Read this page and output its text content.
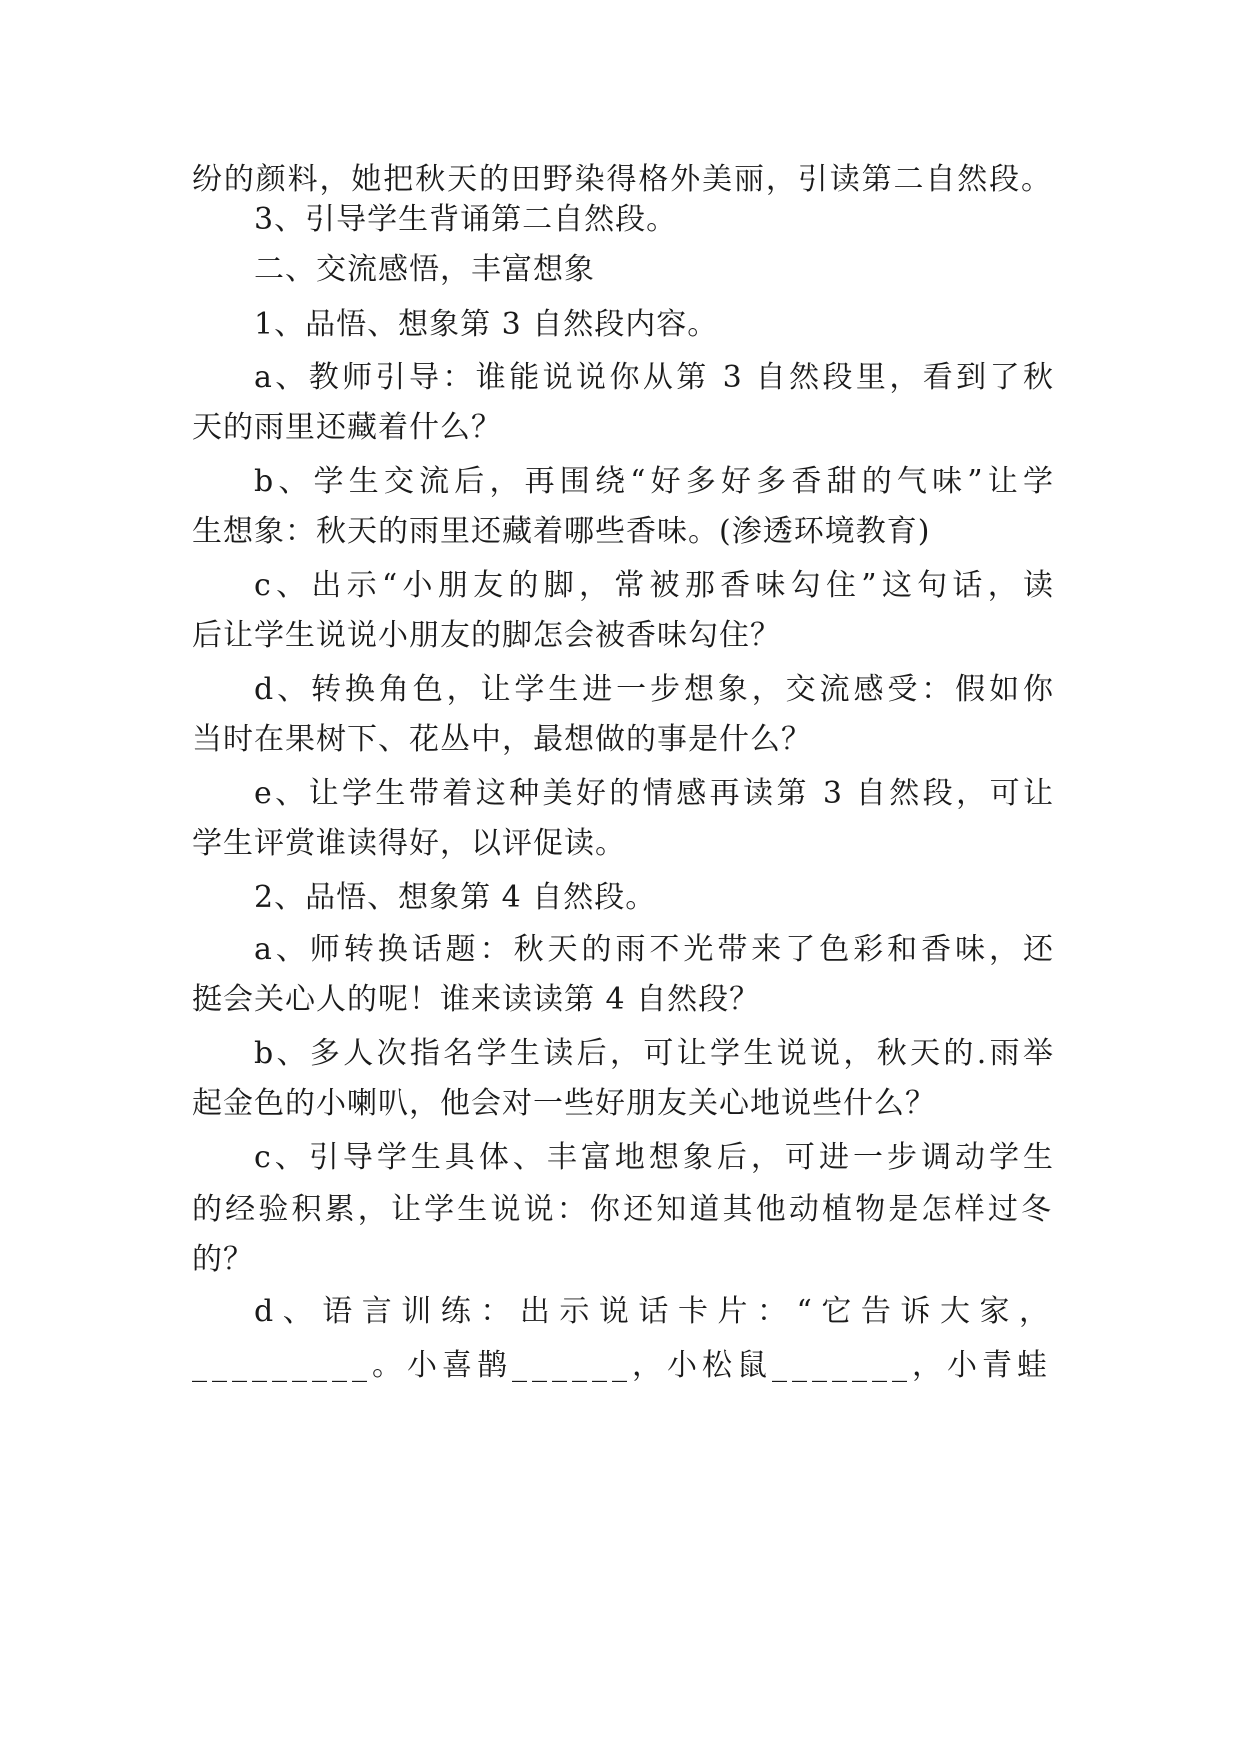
纷的颜料，她把秋天的田野染得格外美丽，引读第二自然段。
3、引导学生背诵第二自然段。
二、交流感悟，丰富想象
1、品悟、想象第 3 自然段内容。
a、教师引导：谁能说说你从第 3 自然段里，看到了秋
天的雨里还藏着什么？
b、学生交流后，再围绕“好多好多香甜的气味”让学
生想象：秋天的雨里还藏着哪些香味。(渗透环境教育)
c、出示“小朋友的脚，常被那香味勾住”这句话，读
后让学生说说小朋友的脚怎会被香味勾住？
d、转换角色，让学生进一步想象，交流感受：假如你
当时在果树下、花丛中，最想做的事是什么？
e、让学生带着这种美好的情感再读第 3 自然段，可让
学生评赏谁读得好，以评促读。
2、品悟、想象第 4 自然段。
a、师转换话题：秋天的雨不光带来了色彩和香味，还
挺会关心人的呢！谁来读读第 4 自然段？
b、多人次指名学生读后，可让学生说说，秋天的.雨举
起金色的小喇叭，他会对一些好朋友关心地说些什么？
c、引导学生具体、丰富地想象后，可进一步调动学生
的经验积累，让学生说说：你还知道其他动植物是怎样过冬
的？
d、语言训练：出示说话卡片：“它告诉大家，
_________。小喜鹊______，小松鼠_______，小青蛙
